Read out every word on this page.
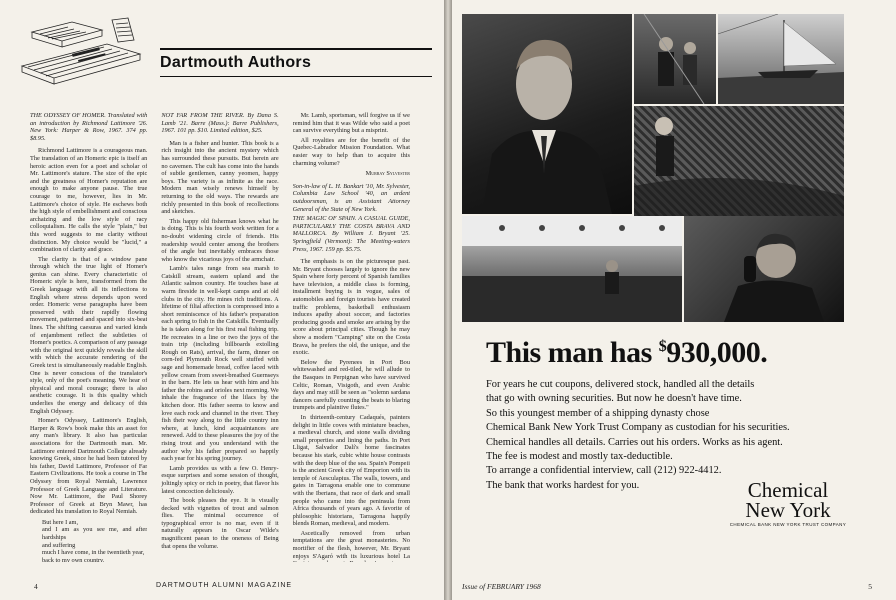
Dartmouth Authors

THE ODYSSEY OF HOMER. Translated with an introduction by Richmond Lattimore '26. New York: Harper & Row, 1967. 374 pp. $8.95.

Richmond Lattimore is a courageous man. The translation of an Homeric epic is itself an heroic action even for a poet and scholar of Mr. Lattimore's stature. The size of the epic and the greatness of Homer's reputation are enough to make anyone pause. The true courage to me, however, lies in Mr. Lattimore's choice of style. He eschews both the high style of embellishment and conscious archaizing and the low style of racy colloquialism. He calls the style "plain," but this word suggests to me clarity without distinction. My choice would be "lucid," a combination of clarity and grace.

The clarity is that of a window pane through which the true light of Homer's genius can shine. Every characteristic of Homeric style is here, transformed from the Greek language with all its inflections to English where stress depends upon word order. Homeric verse paragraphs have been preserved with their rapidly flowing movement, patterned and spaced into six-beat lines. The shifting caesuras and varied kinds of enjambment reflect the subtleties of Homer's poetics. A comparison of any passage with the original text quickly reveals the skill with which the accurate rendering of the Greek text is simultaneously readable English. One is never conscious of the translator's style, only of the poet's meaning. We hear of physical and moral courage; there is also aesthetic courage. It is this quality which underlies the energy and delicacy of this English Odyssey.

Homer's Odyssey, Lattimore's English, Harper & Row's book make this an asset for any man's library. It also has particular associations for the Dartmouth man. Mr. Lattimore entered Dartmouth College already knowing Greek, since he had been tutored by his father, David Lattimore, Professor of Far Eastern Civilizations. He took a course in The Odyssey from Royal Nemiah, Lawrence Professor of Greek Language and Literature. Now Mr. Lattimore, the Paul Shorey Professor of Greek at Bryn Mawr, has dedicated his translation to Royal Nemiah.

But here I am,
and I am as you see me, and after hardships
and suffering
much I have come, in the twentieth year,
back to my own country.

NOT FAR FROM THE RIVER. By Dana S. Lamb '21. Barre (Mass.): Barre Publishers, 1967. 101 pp. $10. Limited edition, $25.

Man is a fisher and hunter. This book is a rich insight into the ancient mystery which has surrounded these pursuits. But herein are no cavemen. The cult has come into the hands of subtle gentlemen, canny yeomen, happy boys. The variety is as infinite as the race. Modern man wisely renews himself by returning to the old ways. The rewards are richly presented in this book of recollections and sketches.

This happy old fisherman knows what he is doing. This is his fourth work written for a no-doubt widening circle of friends. His readership would center among the brothers of the angle but inevitably embraces those who know the vicarious joys of the armchair.

Lamb's tales range from sea marsh to Catskill stream, eastern upland and the Atlantic salmon country. He touches base at warm fireside in well-kept camps and at old clubs in the city. He mines rich traditions. A lifetime of filial affection is compressed into a short reminiscence of his father's preparation each spring to fish in the Catskills. Eventually he is taken along for his first real fishing trip. He recreates in a line or two the joys of the train trip (including billboards extolling Rough on Rats), arrival, the farm, dinner on corn-fed Plymouth Rock well stuffed with sage and homemade bread, coffee laced with yellow cream from sweet-breathed Guernseys in the barn. He lets us hear with him and his father the robins and orioles next morning. We inhale the fragrance of the lilacs by the kitchen door. His father seems to know and love each rock and channel in the river. They fish their way along to the little country inn where, at lunch, kind acquaintances are renewed. Add to these pleasures the joy of the rising trout and you understand with the author why his father prepared so happily each year for his spring journey.

Lamb provides us with a few O. Henry-esque surprises and some session of thought, joltingly spicy or rich in poetry, that flavor his latest concoction deliciously.

The book pleases the eye. It is visually decked with vignettes of trout and salmon flies. The minimal occurrence of typographical error is no mar, even if it naturally appears in Oscar Wilde's magnificent paean to the oneness of Being that opens the volume.

Mr. Lamb, sportsman, will forgive us if we remind him that it was Wilde who said a poet can survive everything but a misprint.

All royalties are for the benefit of the Quebec-Labrador Mission Foundation. What easier way to help than to acquire this charming volume?

Murray Sylvester

Son-in-law of L. H. Bankart '10, Mr. Sylvester, Columbia Law School '40, an ardent outdoorsman, is an Assistant Attorney General of the State of New York.

THE MAGIC OF SPAIN. A CASUAL GUIDE, PARTICULARLY THE COSTA BRAVA AND MALLORCA. By William J. Bryant '25. Springfield (Vermont): The Meeting-waters Press, 1967. 159 pp. $5.75.

The emphasis is on the picturesque past. Mr. Bryant chooses largely to ignore the new Spain where forty percent of Spanish families have television, a middle class is forming, installment buying is in vogue, sales of automobiles and foreign tourists have created traffic problems, basketball enthusiasm induces apathy about soccer, and factories producing goods and smoke are arising by the score about principal cities. Though he may show a modern "Camping" site on the Costa Brava, he prefers the old, the unique, and the exotic.

Below the Pyrenees in Port Bou whitewashed and red-tiled, he will allude to the Basques in Perpignan who have survived Celtic, Roman, Visigoth, and even Arabic days and may still be seen as "solemn sardana dancers carefully counting the beats to blaring trumpets and plaintive flutes."

In thirteenth-century Cadaqués, painters delight in little coves with miniature beaches, a medieval church, and stone walls dividing small properties and lining the paths. In Port Lligat, Salvador Dalí's home fascinates because his stark, cubic white house contrasts with the deep blue of the sea. Spain's Pompeii is the ancient Greek city of Emporion with its temple of Aesculapius. The walls, towers, and gates in Tarragona enable one to commune with the Iberians, that race of dark and small people who came into the peninsula from Africa thousands of years ago. A favorite of philosophic historians, Tarragona happily blends Roman, medieval, and modern.

Ascetically removed from urban temptations are the great monasteries. No mortifier of the flesh, however, Mr. Bryant enjoys S'Agaró with its luxurious hotel La

4	DARTMOUTH ALUMNI MAGAZINE
This man has $930,000.
For years he cut coupons, delivered stock, handled all the details
that go with owning securities. But now he doesn't have time.
So this youngest member of a shipping dynasty chose
Chemical Bank New York Trust Company as custodian for his securities.
Chemical handles all details. Carries out his orders. Works as his agent.
The fee is modest and mostly tax-deductible.
To arrange a confidential interview, call (212) 922-4412.
The bank that works hardest for you.	Chemical
New York
CHEMICAL BANK NEW YORK TRUST COMPANY
Issue of FEBRUARY 1968	5
